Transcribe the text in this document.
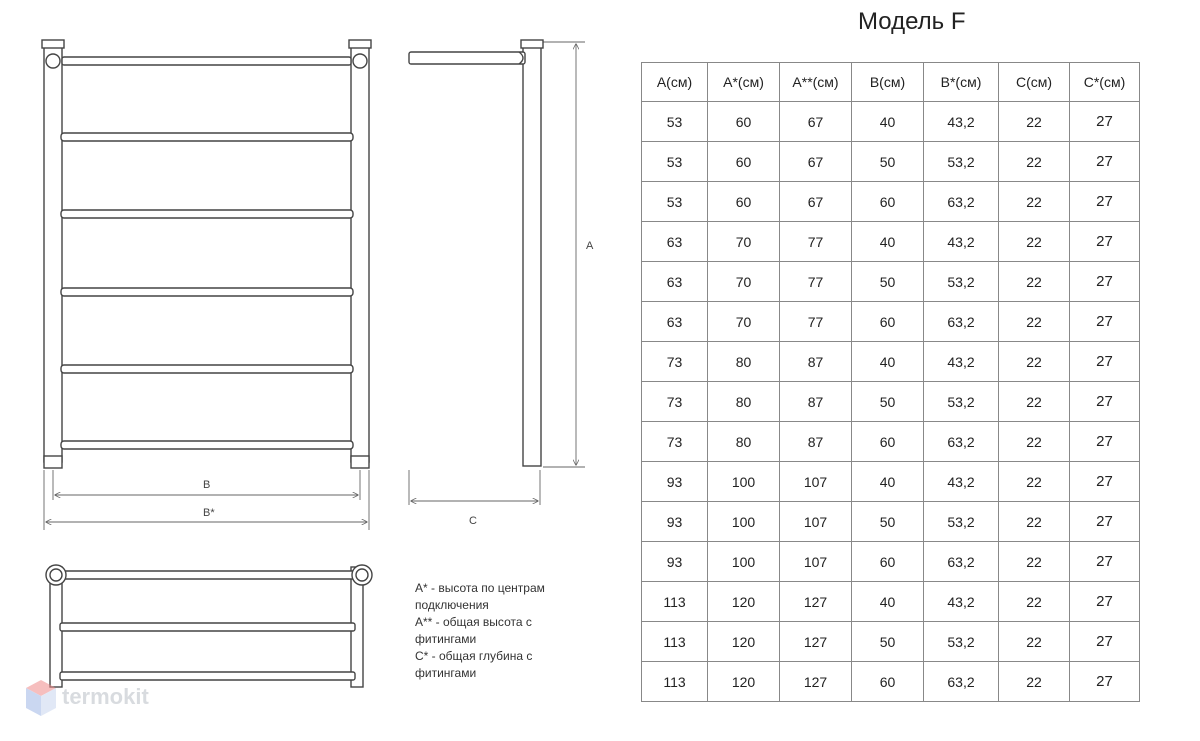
B
B*
C
A
Модель F
A(см)	A*(см)	A**(см)	B(см)	B*(см)	C(см)	C*(см)
53	60	67	40	43,2	22	27
53	60	67	50	53,2	22	27
53	60	67	60	63,2	22	27
63	70	77	40	43,2	22	27
63	70	77	50	53,2	22	27
63	70	77	60	63,2	22	27
73	80	87	40	43,2	22	27
73	80	87	50	53,2	22	27
73	80	87	60	63,2	22	27
93	100	107	40	43,2	22	27
93	100	107	50	53,2	22	27
93	100	107	60	63,2	22	27
113	120	127	40	43,2	22	27
113	120	127	50	53,2	22	27
113	120	127	60	63,2	22	27
A* - высота по центрам
подключения
A** - общая высота с
фитингами
C* - общая глубина с
фитингами
termokit
